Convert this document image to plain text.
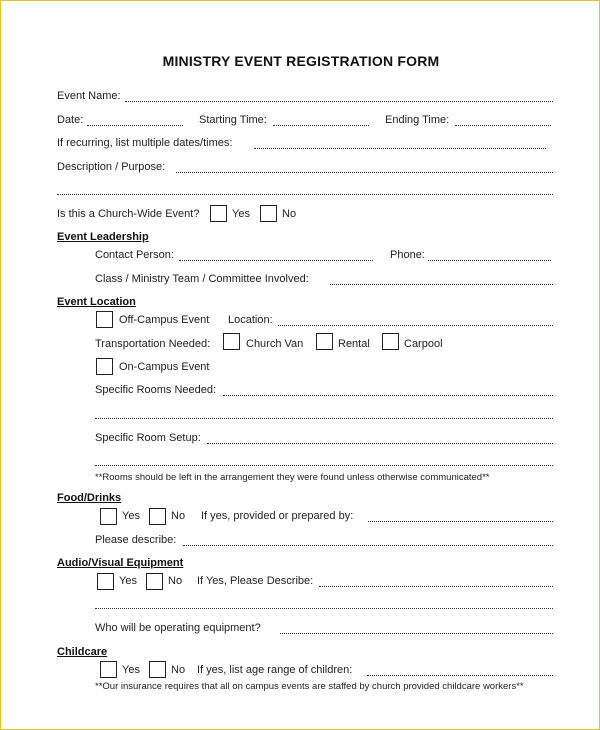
MINISTRY EVENT REGISTRATION FORM
Event Name:
Date:	Starting Time:	Ending Time:
If recurring, list multiple dates/times:
Description / Purpose:
Is this a Church-Wide Event?	Yes	No
Event Leadership
Contact Person:	Phone:
Class / Ministry Team / Committee Involved:
Event Location
Off-Campus Event Location:
Transportation Needed:	Church Van	Rental	Carpool
On-Campus Event
Specific Rooms Needed:
Specific Room Setup:
**Rooms should be left in the arrangement they were found unless otherwise communicated**
Food/Drinks
Yes	No If yes, provided or prepared by:
Please describe:
Audio/Visual Equipment
Yes	No If Yes, Please Describe:
Who will be operating equipment?
Childcare
Yes	No If yes, list age range of children:
**Our insurance requires that all on campus events are staffed by church provided childcare workers**
